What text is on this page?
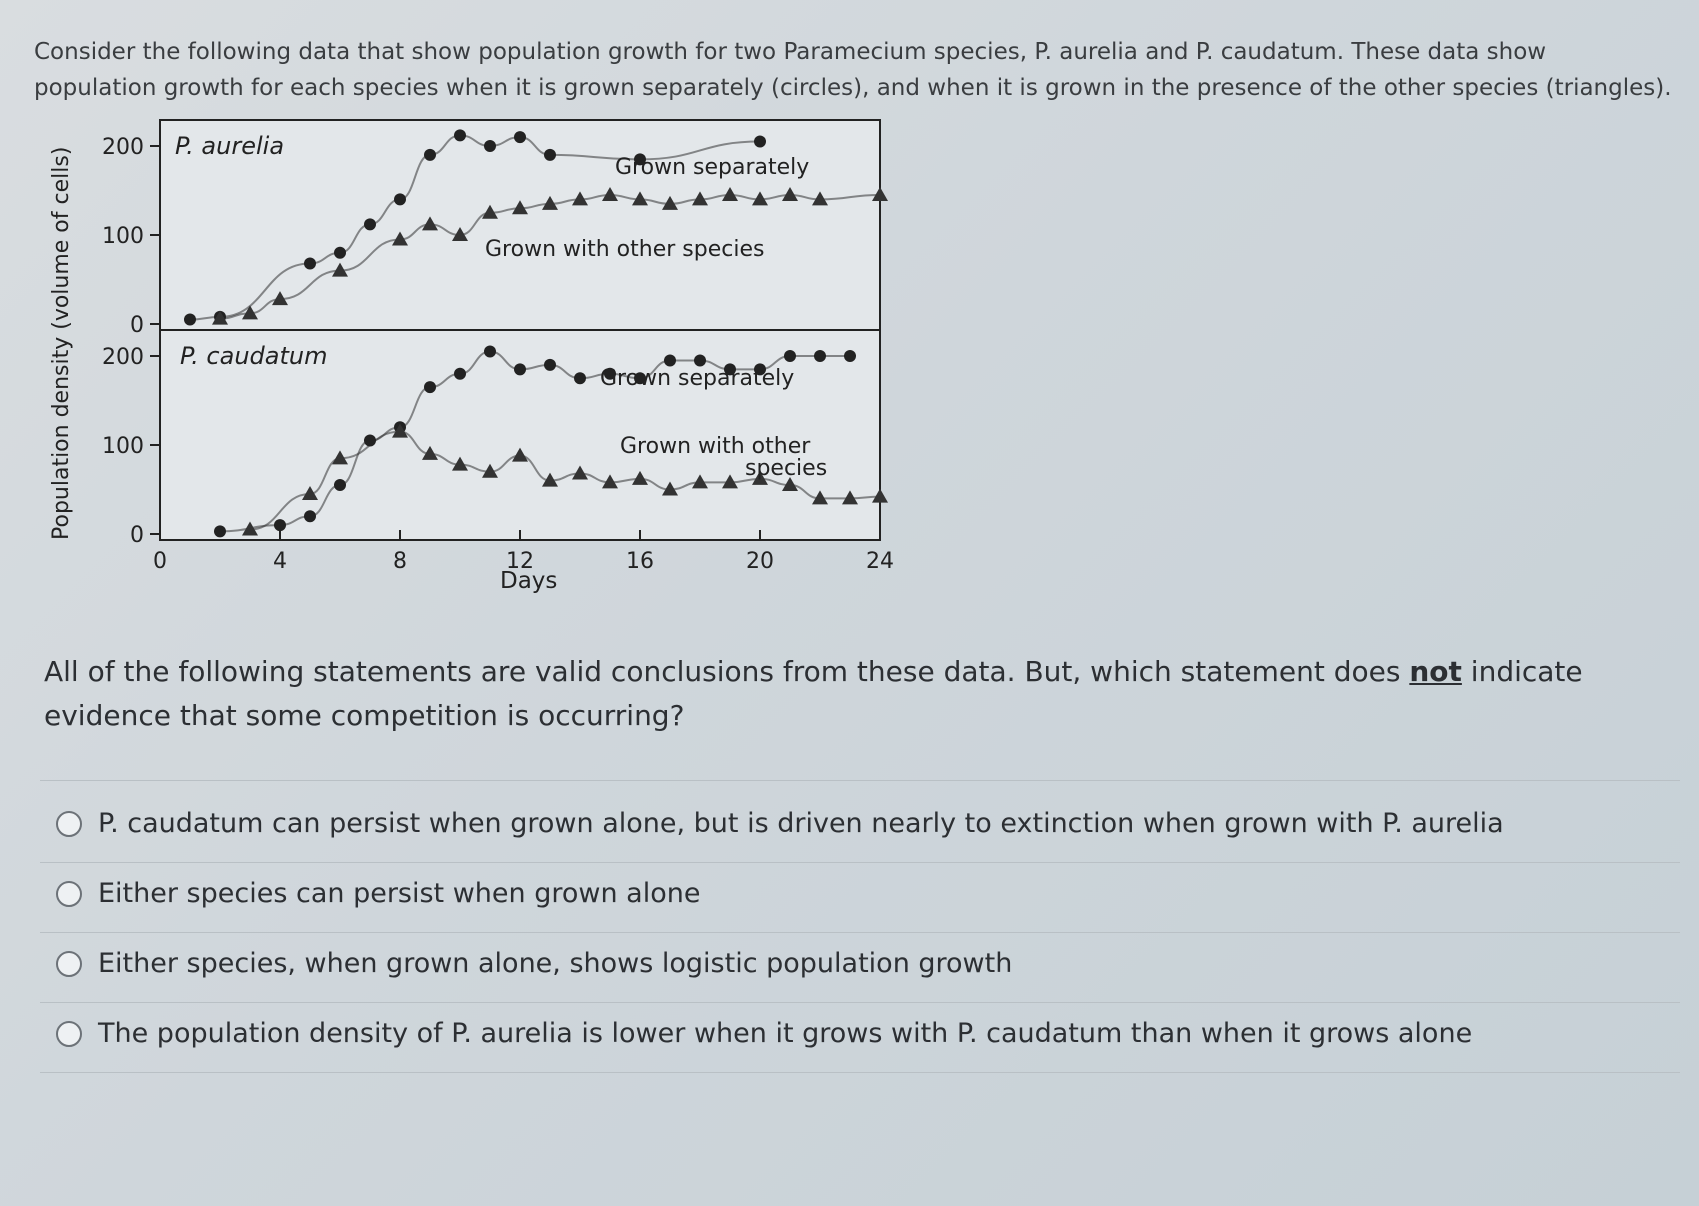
Consider the following data that show population growth for two Paramecium species, P. aurelia and P. caudatum. These data show population growth for each species when it is grown separately (circles), and when it is grown in the presence of the other species (triangles).

0
100
200
0
100
200
0	4	8	12	16	20	24
P. aurelia
P. caudatum
Grown separately
Grown with other species
Grown separately
Grown with other
species
Population density (volume of cells)
Days

All of the following statements are valid conclusions from these data. But, which statement does not indicate evidence that some competition is occurring?

P. caudatum can persist when grown alone, but is driven nearly to extinction when grown with P. aurelia
Either species can persist when grown alone
Either species, when grown alone, shows logistic population growth
The population density of P. aurelia is lower when it grows with P. caudatum than when it grows alone
